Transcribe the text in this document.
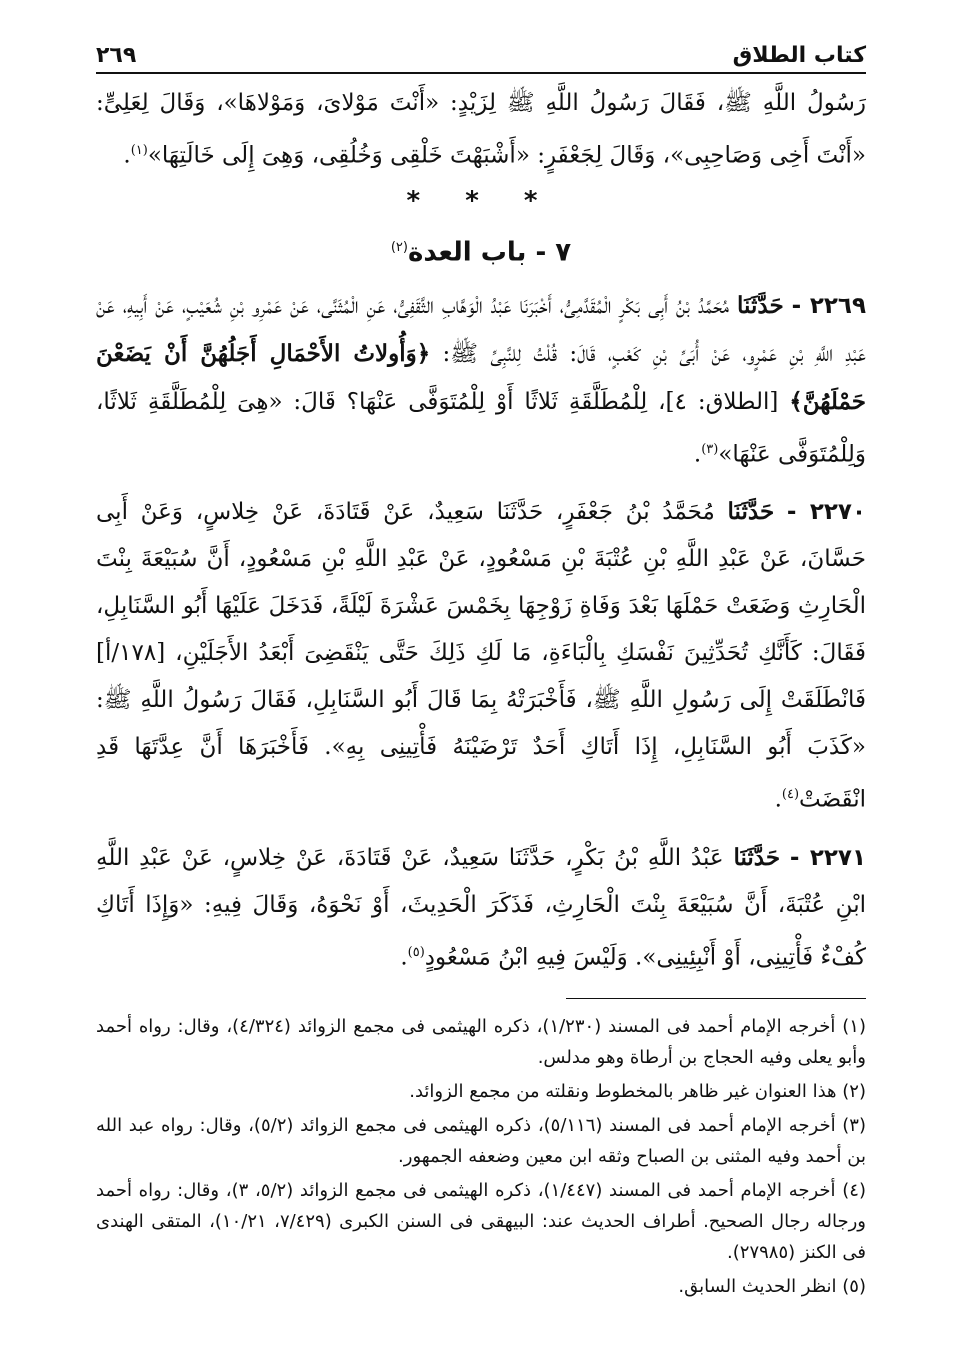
كتاب الطلاق
٢٦٩

رَسُولُ اللَّهِ ﷺ، فَقَالَ رَسُولُ اللَّهِ ﷺ لِزَيْدٍ: «أَنْتَ مَوْلاىَ، وَمَوْلاهَا»، وَقَالَ لِعَلِىٍّ: «أَنْتَ أَخِى وَصَاحِبِى»، وَقَالَ لِجَعْفَرٍ: «أَشْبَهْتَ خَلْقِى وَخُلُقِى، وَهِىَ إِلَى خَالَتِهَا»$^{(١)}$.

* * *
٧ - باب العدة$^{(٢)}$

٢٢٦٩ - حَدَّثَنَا مُحَمَّدُ بْنُ أَبِى بَكْرٍ الْمُقَدَّمِىُّ، أَخْبَرَنَا عَبْدُ الْوَهَّابِ الثَّقَفِىُّ، عَنِ الْمُثَنَّى، عَنْ عَمْرِو بْنِ شُعَيْبٍ، عَنْ أَبِيهِ، عَنْ عَبْدِ اللَّهِ بْنِ عَمْرٍو، عَنْ أُبَىِّ بْنِ كَعْبٍ، قَالَ: قُلْتُ لِلنَّبِىِّ ﷺ: ﴿وَأُولاتُ الأَحْمَالِ أَجَلُهُنَّ أَنْ يَضَعْنَ حَمْلَهُنَّ﴾ [الطلاق: ٤]، لِلْمُطَلَّقَةِ ثَلاثًا أَوْ لِلْمُتَوَفَّى عَنْهَا؟ قَالَ: «هِىَ لِلْمُطَلَّقَةِ ثَلاثًا، وَلِلْمُتَوَفَّى عَنْهَا»$^{(٣)}$.

٢٢٧٠ - حَدَّثَنَا مُحَمَّدُ بْنُ جَعْفَرٍ، حَدَّثَنَا سَعِيدٌ، عَنْ قَتَادَةَ، عَنْ خِلاسٍ، وَعَنْ أَبِى حَسَّانَ، عَنْ عَبْدِ اللَّهِ بْنِ عُتْبَةَ بْنِ مَسْعُودٍ، عَنْ عَبْدِ اللَّهِ بْنِ مَسْعُودٍ، أَنَّ سُبَيْعَةَ بِنْتَ الْحَارِثِ وَضَعَتْ حَمْلَهَا بَعْدَ وَفَاةِ زَوْجِهَا بِخَمْسَ عَشْرَةَ لَيْلَةً، فَدَخَلَ عَلَيْهَا أَبُو السَّنَابِلِ، فَقَالَ: كَأَنَّكِ تُحَدِّثِينَ نَفْسَكِ بِالْبَاءَةِ، مَا لَكِ ذَلِكَ حَتَّى يَنْقَضِىَ أَبْعَدُ الأَجَلَيْنِ، [١٧٨/أ] فَانْطَلَقَتْ إِلَى رَسُولِ اللَّهِ ﷺ، فَأَخْبَرَتْهُ بِمَا قَالَ أَبُو السَّنَابِلِ، فَقَالَ رَسُولُ اللَّهِ ﷺ: «كَذَبَ أَبُو السَّنَابِلِ، إِذَا أَتَاكِ أَحَدٌ تَرْضَيْنَهُ فَأْتِينِى بِهِ». فَأَخْبَرَهَا أَنَّ عِدَّتَهَا قَدِ انْقَضَتْ$^{(٤)}$.

٢٢٧١ - حَدَّثَنَا عَبْدُ اللَّهِ بْنُ بَكْرٍ، حَدَّثَنَا سَعِيدٌ، عَنْ قَتَادَةَ، عَنْ خِلاسٍ، عَنْ عَبْدِ اللَّهِ ابْنِ عُتْبَةَ، أَنَّ سُبَيْعَةَ بِنْتَ الْحَارِثِ، فَذَكَرَ الْحَدِيثَ، أَوْ نَحْوَهُ، وَقَالَ فِيهِ: «وَإِذَا أَتَاكِ كُفْءٌ فَأْتِينِى، أَوْ أَنْبِئِينِى». وَلَيْسَ فِيهِ ابْنُ مَسْعُودٍ$^{(٥)}$.

(١) أخرجه الإمام أحمد فى المسند (١/٢٣٠)، ذكره الهيثمى فى مجمع الزوائد (٤/٣٢٤)، وقال: رواه أحمد وأبو يعلى وفيه الحجاج بن أرطاة وهو مدلس.

(٢) هذا العنوان غير ظاهر بالمخطوط ونقلته من مجمع الزوائد.

(٣) أخرجه الإمام أحمد فى المسند (٥/١١٦)، ذكره الهيثمى فى مجمع الزوائد (٥/٢)، وقال: رواه عبد الله بن أحمد وفيه المثنى بن الصباح وثقه ابن معين وضعفه الجمهور.

(٤) أخرجه الإمام أحمد فى المسند (١/٤٤٧)، ذكره الهيثمى فى مجمع الزوائد (٥/٢، ٣)، وقال: رواه أحمد ورجاله رجال الصحيح. أطراف الحديث عند: البيهقى فى السنن الكبرى (٧/٤٢٩، ١٠/٢١)، المتقى الهندى فى الكنز (٢٧٩٨٥).

(٥) انظر الحديث السابق.
